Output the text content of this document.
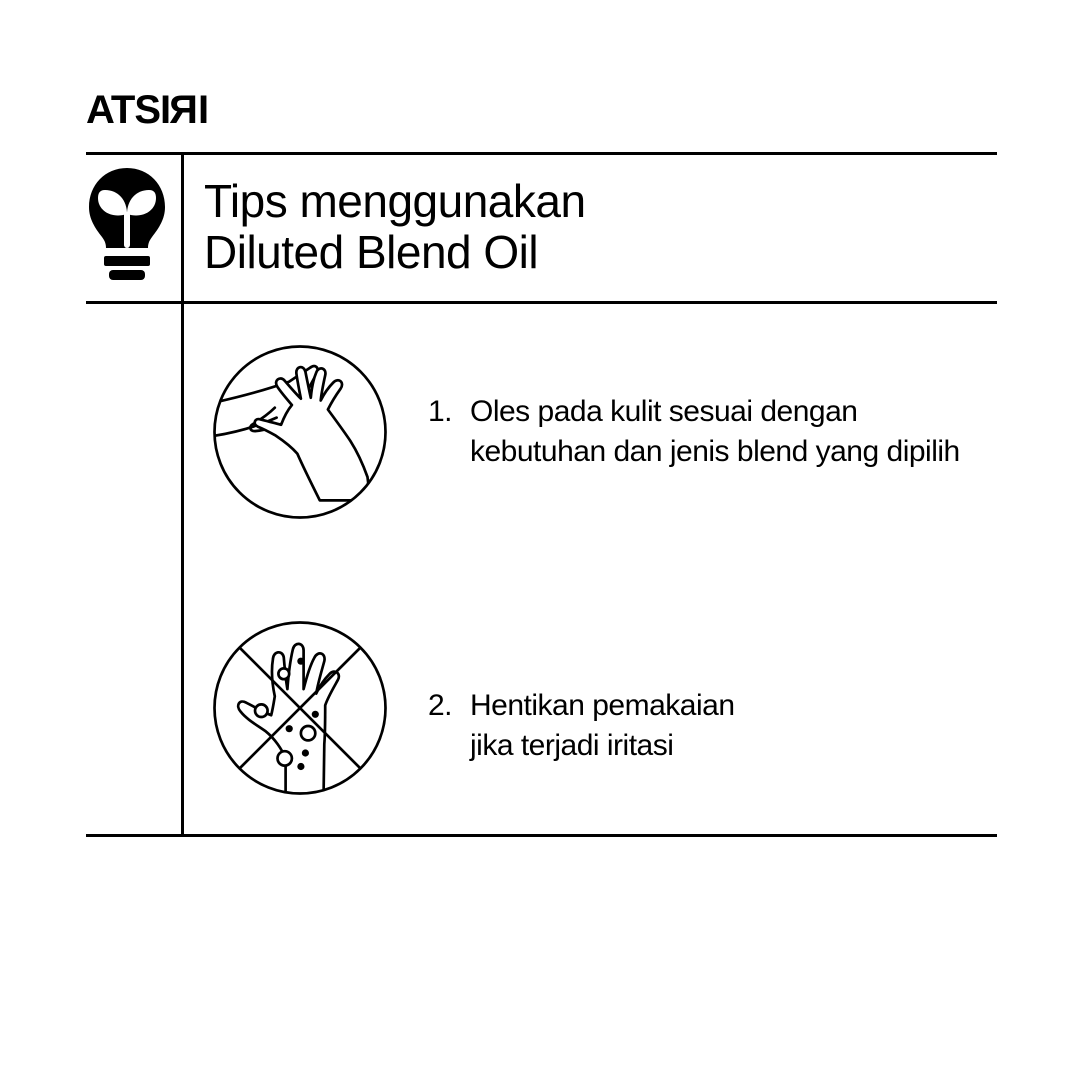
ATSIRI
Tips menggunakan
Diluted Blend Oil
1. Oles pada kulit sesuai dengan
kebutuhan dan jenis blend yang dipilih
2. Hentikan pemakaian
jika terjadi iritasi
